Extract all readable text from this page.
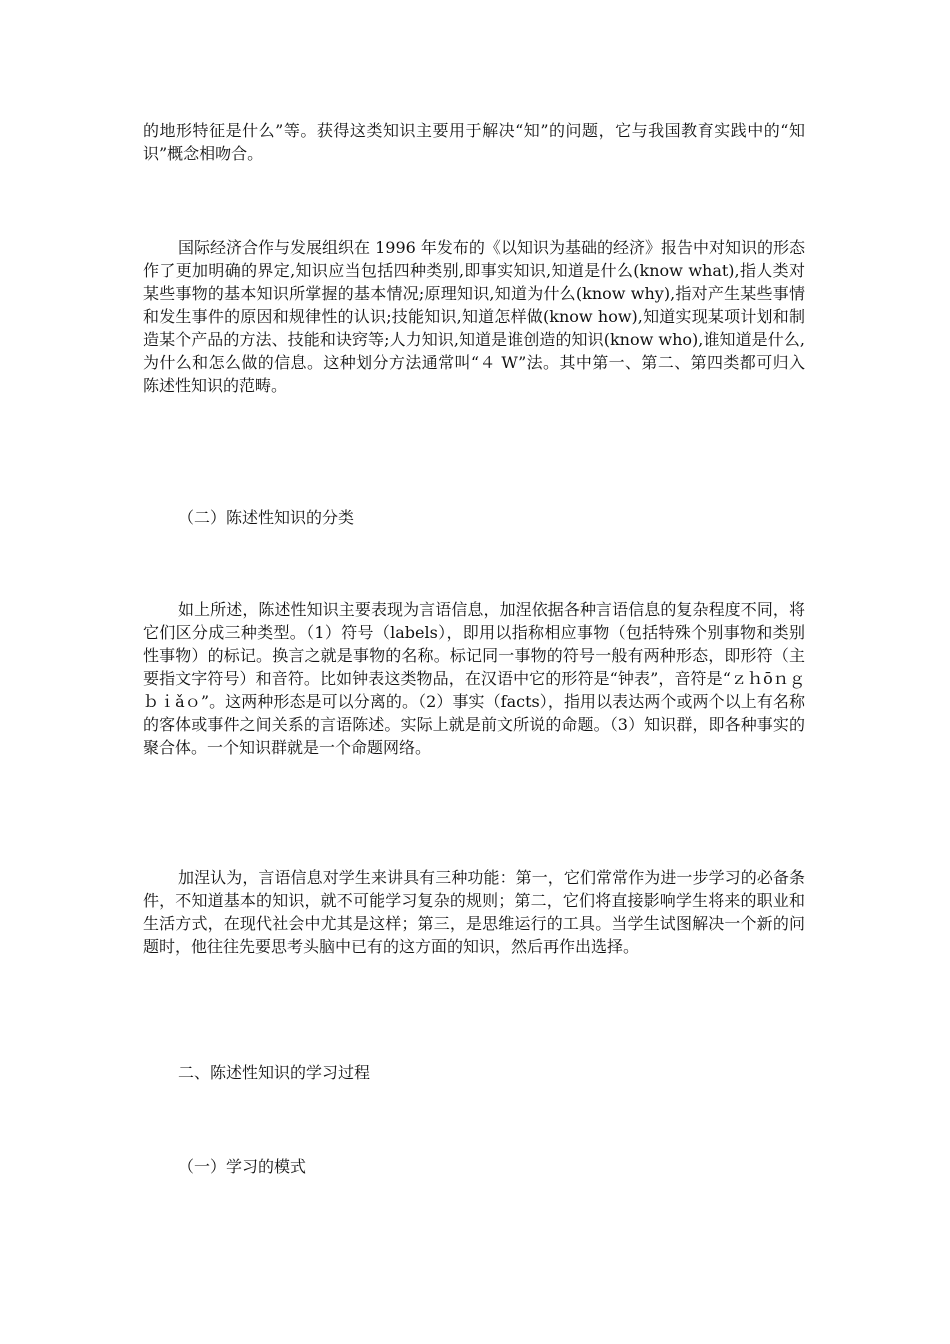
的地形特征是什么”等。获得这类知识主要用于解决“知”的问题，它与我国教育实践中的“知识”概念相吻合。

国际经济合作与发展组织在 1996 年发布的《以知识为基础的经济》报告中对知识的形态作了更加明确的界定,知识应当包括四种类别,即事实知识,知道是什么(know what),指人类对某些事物的基本知识所掌握的基本情况;原理知识,知道为什么(know why),指对产生某些事情和发生事件的原因和规律性的认识;技能知识,知道怎样做(know how),知道实现某项计划和制造某个产品的方法、技能和诀窍等;人力知识,知道是谁创造的知识(know who),谁知道是什么,为什么和怎么做的信息。这种划分方法通常叫“４ W”法。其中第一、第二、第四类都可归入陈述性知识的范畴。

（二）陈述性知识的分类

如上所述，陈述性知识主要表现为言语信息，加涅依据各种言语信息的复杂程度不同，将它们区分成三种类型。（1）符号（labels），即用以指称相应事物（包括特殊个别事物和类别性事物）的标记。换言之就是事物的名称。标记同一事物的符号一般有两种形态，即形符（主要指文字符号）和音符。比如钟表这类物品，在汉语中它的形符是“钟表”，音符是“ｚｈōｎｇｂｉǎｏ”。这两种形态是可以分离的。（2）事实（facts），指用以表达两个或两个以上有名称的客体或事件之间关系的言语陈述。实际上就是前文所说的命题。（3）知识群，即各种事实的聚合体。一个知识群就是一个命题网络。

加涅认为，言语信息对学生来讲具有三种功能：第一，它们常常作为进一步学习的必备条件，不知道基本的知识，就不可能学习复杂的规则；第二，它们将直接影响学生将来的职业和生活方式，在现代社会中尤其是这样；第三，是思维运行的工具。当学生试图解决一个新的问题时，他往往先要思考头脑中已有的这方面的知识，然后再作出选择。

二、陈述性知识的学习过程

（一）学习的模式
